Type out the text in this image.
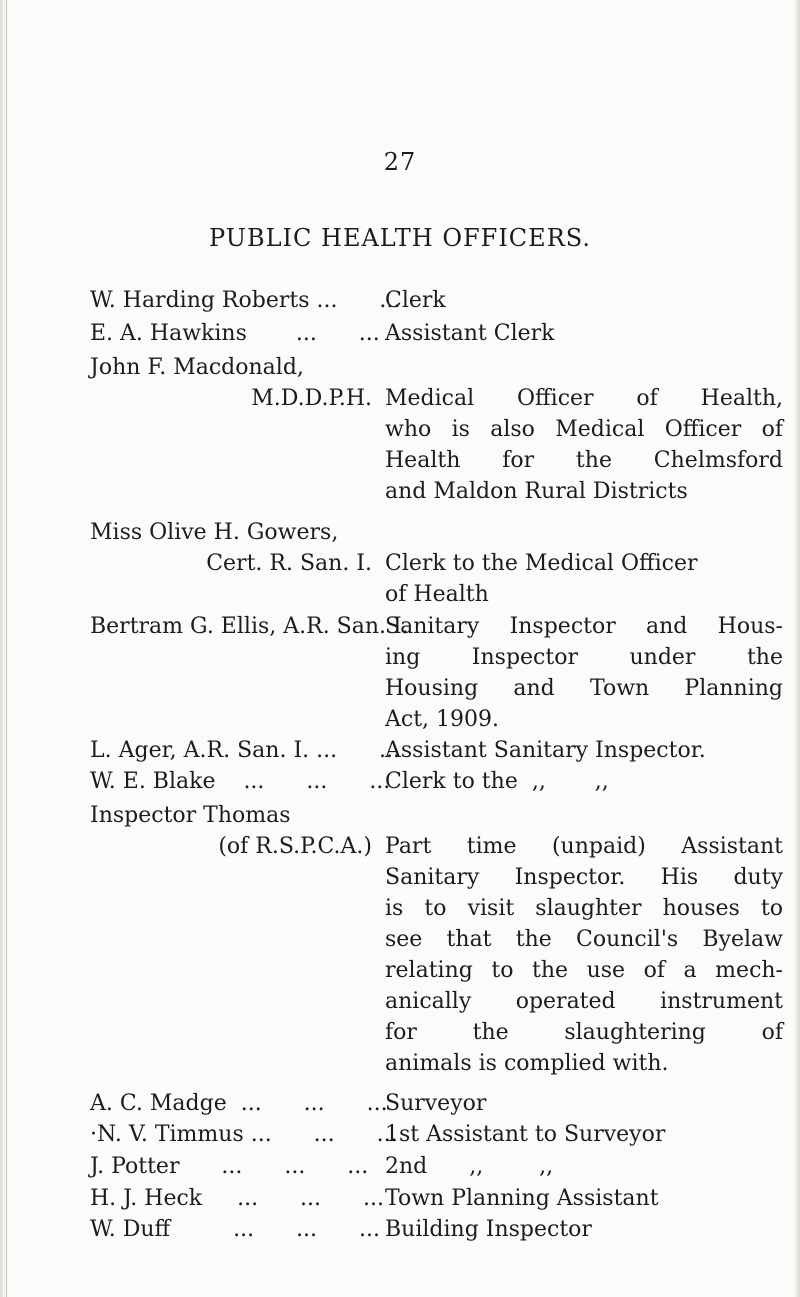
27
PUBLIC HEALTH OFFICERS.
W. Harding Roberts ...      ...
Clerk
E. A. Hawkins       ...      ... Assistant Clerk
John F. Macdonald,
M.D.D.P.H. Medical Officer of Health,
who is also Medical Officer of
Health for the Chelmsford
and Maldon Rural Districts
Miss Olive H. Gowers,
Cert. R. San. I. Clerk to the Medical Officer
of Health
Bertram G. Ellis, A.R. San. I.
Sanitary Inspector and Hous-
ing Inspector under the
Housing and Town Planning
Act, 1909.
L. Ager, A.R. San. I. ...      ...
Assistant Sanitary Inspector.
W. E. Blake    ...      ...      ...
Clerk to the  ,,       ,,
Inspector Thomas
(of R.S.P.C.A.) Part time (unpaid) Assistant
Sanitary Inspector. His duty
is to visit slaughter houses to
see that the Council's Byelaw
relating to the use of a mech-
anically operated instrument
for the slaughtering of
animals is complied with.
A. C. Madge  ...      ...      ...
Surveyor
·N. V. Timmus ...      ...      ...
1st Assistant to Surveyor
J. Potter      ...      ...      ... 2nd      ,,        ,,
H. J. Heck     ...      ...      ... Town Planning Assistant
W. Duff         ...      ...      ... Building Inspector
